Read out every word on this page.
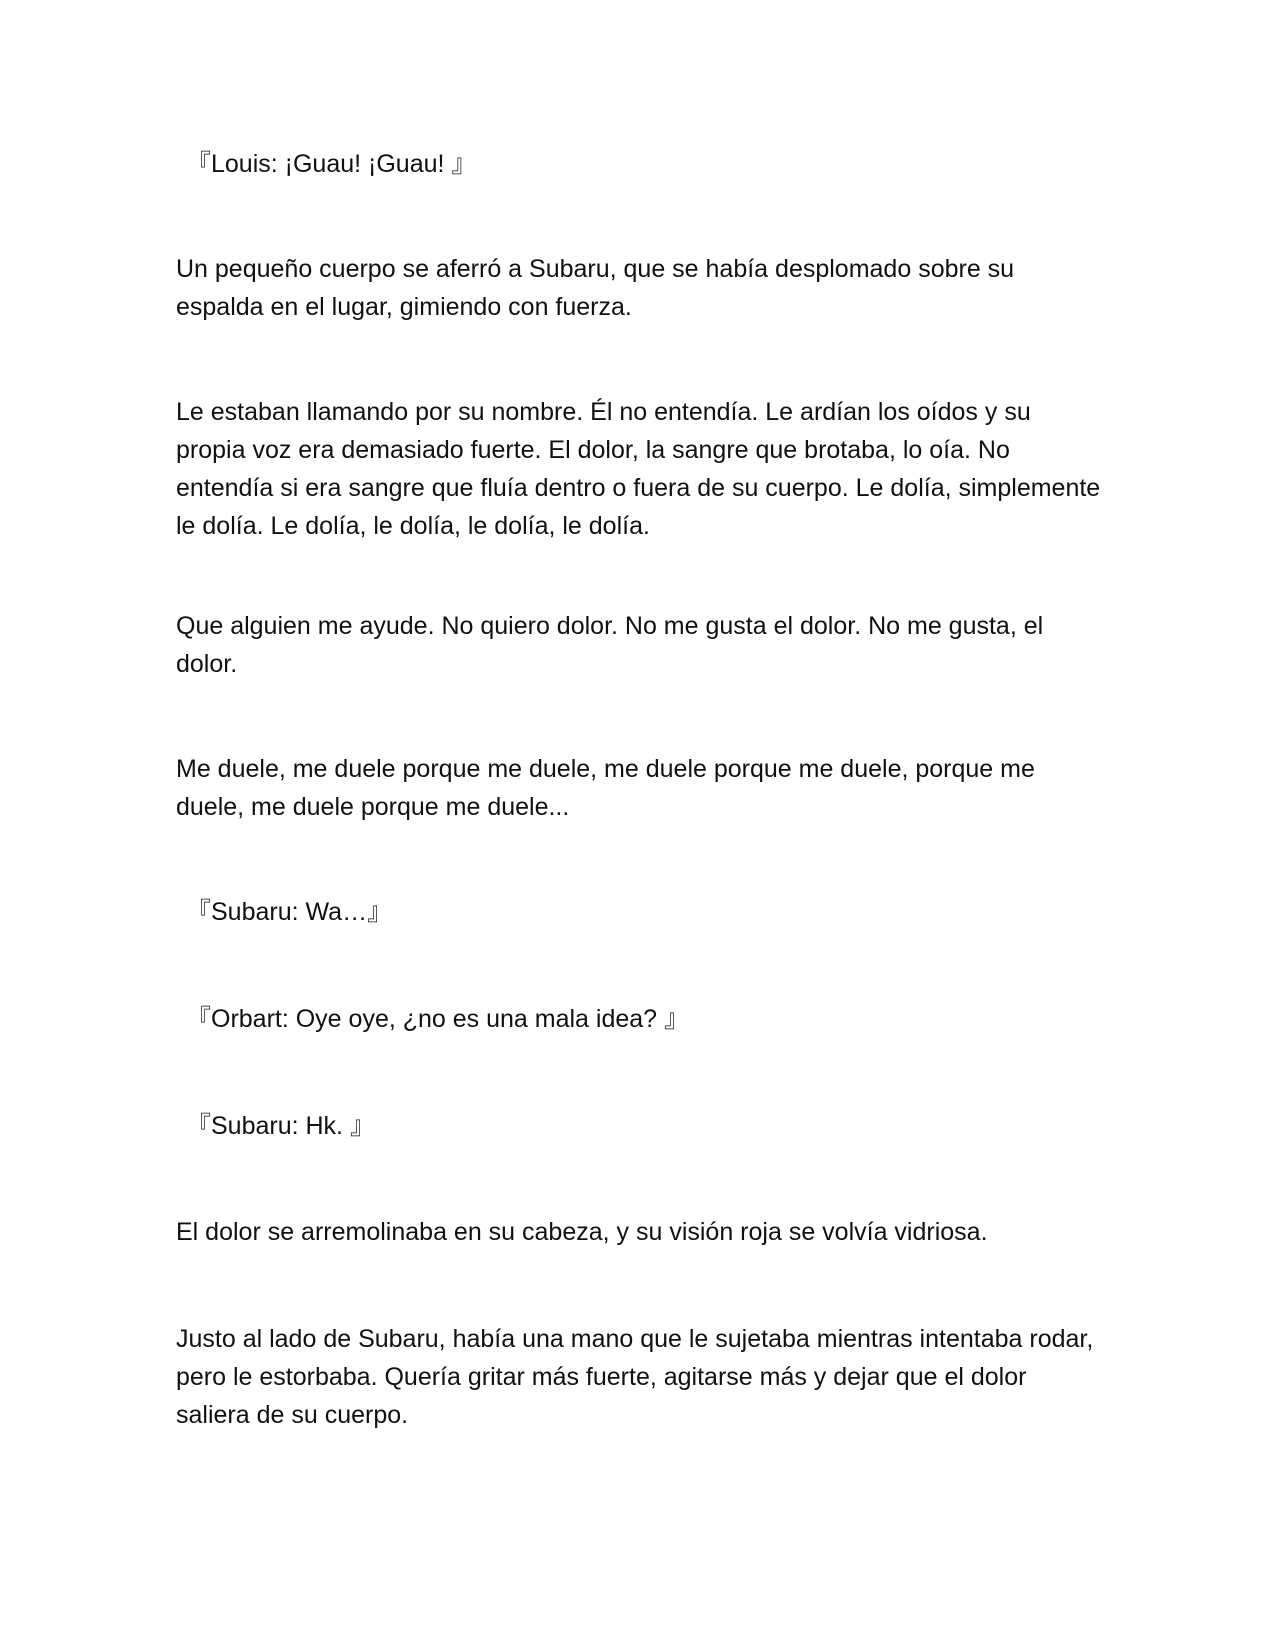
『Louis: ¡Guau! ¡Guau! 』

Un pequeño cuerpo se aferró a Subaru, que se había desplomado sobre su espalda en el lugar, gimiendo con fuerza.

Le estaban llamando por su nombre. Él no entendía. Le ardían los oídos y su propia voz era demasiado fuerte. El dolor, la sangre que brotaba, lo oía. No entendía si era sangre que fluía dentro o fuera de su cuerpo. Le dolía, simplemente le dolía. Le dolía, le dolía, le dolía, le dolía.

Que alguien me ayude. No quiero dolor. No me gusta el dolor. No me gusta, el dolor.

Me duele, me duele porque me duele, me duele porque me duele, porque me duele, me duele porque me duele...

『Subaru: Wa…』

『Orbart: Oye oye, ¿no es una mala idea? 』

『Subaru: Hk. 』

El dolor se arremolinaba en su cabeza, y su visión roja se volvía vidriosa.

Justo al lado de Subaru, había una mano que le sujetaba mientras intentaba rodar, pero le estorbaba. Quería gritar más fuerte, agitarse más y dejar que el dolor saliera de su cuerpo.
